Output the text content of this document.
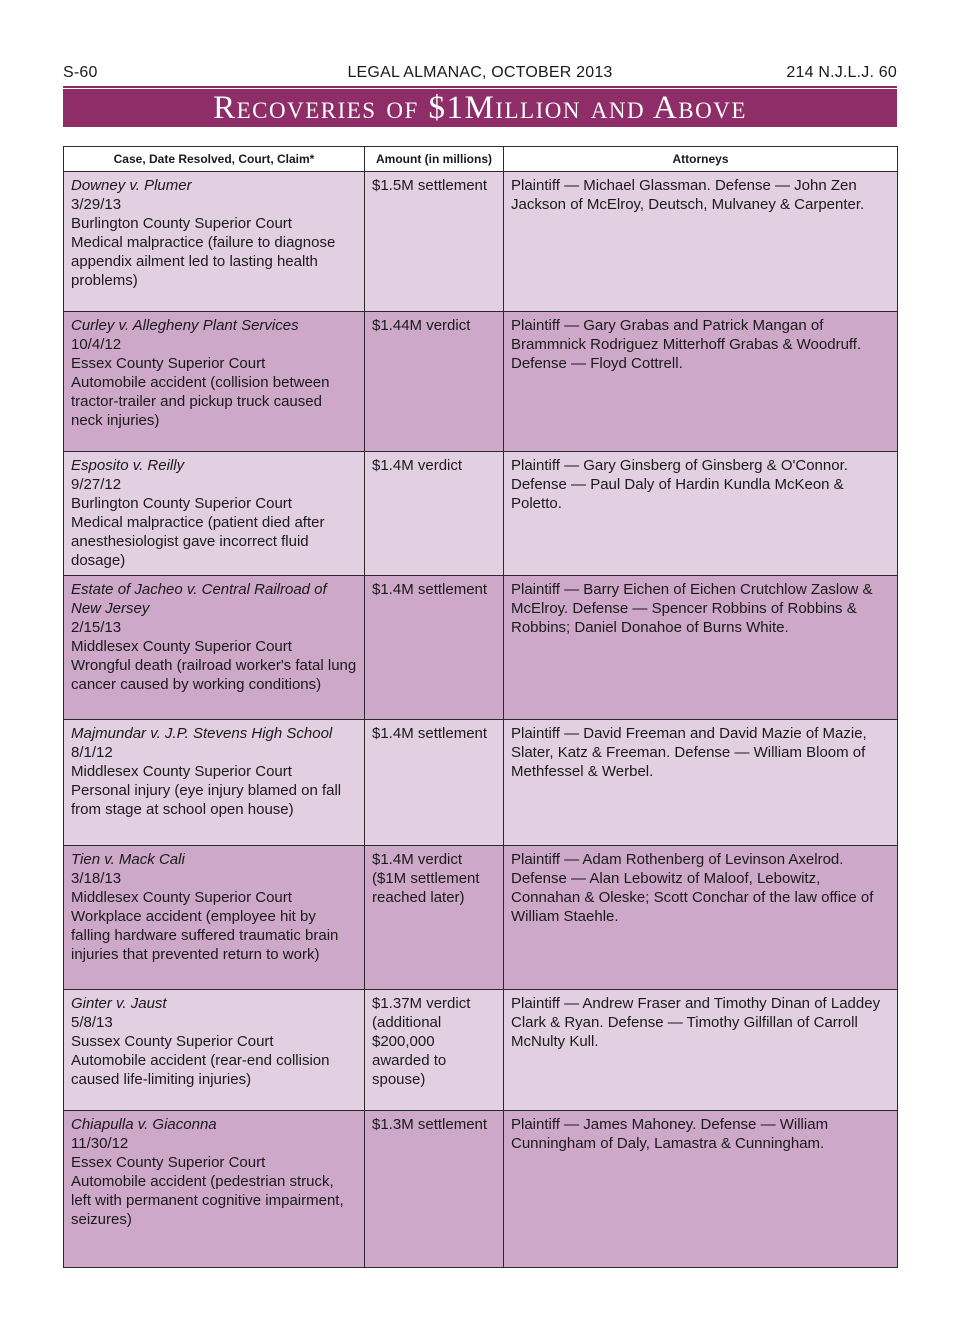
LEGAL ALMANAC, OCTOBER 2013
S-60	214 N.J.L.J. 60
Recoveries of $1Million and Above
Case, Date Resolved, Court, Claim*	Amount (in millions)	Attorneys

Downey v. Plumer
3/29/13
Burlington County Superior Court
Medical malpractice (failure to diagnose appendix ailment led to lasting health problems)	$1.5M settlement	Plaintiff — Michael Glassman. Defense — John Zen Jackson of McElroy, Deutsch, Mulvaney & Carpenter.

Curley v. Allegheny Plant Services
10/4/12
Essex County Superior Court
Automobile accident (collision between tractor-trailer and pickup truck caused neck injuries)	$1.44M verdict	Plaintiff — Gary Grabas and Patrick Mangan of Brammnick Rodriguez Mitterhoff Grabas & Woodruff. Defense — Floyd Cottrell.

Esposito v. Reilly
9/27/12
Burlington County Superior Court
Medical malpractice (patient died after anesthesiologist gave incorrect fluid dosage)	$1.4M verdict	Plaintiff — Gary Ginsberg of Ginsberg & O'Connor. Defense — Paul Daly of Hardin Kundla McKeon & Poletto.

Estate of Jacheo v. Central Railroad of New Jersey
2/15/13
Middlesex County Superior Court
Wrongful death (railroad worker's fatal lung cancer caused by working conditions)	$1.4M settlement	Plaintiff — Barry Eichen of Eichen Crutchlow Zaslow & McElroy. Defense — Spencer Robbins of Robbins & Robbins; Daniel Donahoe of Burns White.

Majmundar v. J.P. Stevens High School
8/1/12
Middlesex County Superior Court
Personal injury (eye injury blamed on fall from stage at school open house)	$1.4M settlement	Plaintiff — David Freeman and David Mazie of Mazie, Slater, Katz & Freeman. Defense — William Bloom of Methfessel & Werbel.

Tien v. Mack Cali
3/18/13
Middlesex County Superior Court
Workplace accident (employee hit by falling hardware suffered traumatic brain injuries that prevented return to work)	$1.4M verdict ($1M settlement reached later)	Plaintiff — Adam Rothenberg of Levinson Axelrod. Defense — Alan Lebowitz of Maloof, Lebowitz, Connahan & Oleske; Scott Conchar of the law office of William Staehle.

Ginter v. Jaust
5/8/13
Sussex County Superior Court
Automobile accident (rear-end collision caused life-limiting injuries)	$1.37M verdict (additional $200,000 awarded to spouse)	Plaintiff — Andrew Fraser and Timothy Dinan of Laddey Clark & Ryan. Defense — Timothy Gilfillan of Carroll McNulty Kull.

Chiapulla v. Giaconna
11/30/12
Essex County Superior Court
Automobile accident (pedestrian struck, left with permanent cognitive impairment, seizures)	$1.3M settlement	Plaintiff — James Mahoney. Defense — William Cunningham of Daly, Lamastra & Cunningham.
